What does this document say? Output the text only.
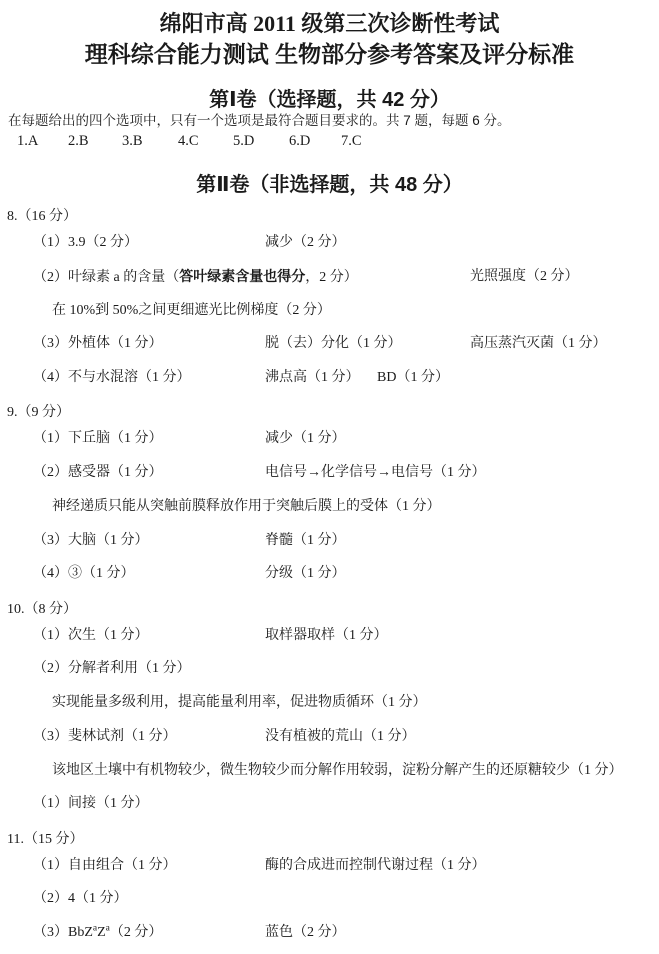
绵阳市高 2011 级第三次诊断性考试
理科综合能力测试 生物部分参考答案及评分标准
第Ⅰ卷（选择题，共 42 分）
在每题给出的四个选项中，只有一个选项是最符合题目要求的。共 7 题，每题 6 分。
1.A 2.B 3.B 4.C 5.D 6.D 7.C
第Ⅱ卷（非选择题，共 48 分）
8.（16 分）
（1）3.9（2 分）	减少（2 分）
（2）叶绿素 a 的含量（答叶绿素含量也得分，2 分）	光照强度（2 分）
在 10%到 50%之间更细遮光比例梯度（2 分）
（3）外植体（1 分）	脱（去）分化（1 分）	高压蒸汽灭菌（1 分）
（4）不与水混溶（1 分）	沸点高（1 分） BD（1 分）
9.（9 分）
（1）下丘脑（1 分）	减少（1 分）
（2）感受器（1 分）	电信号→化学信号→电信号（1 分）
神经递质只能从突触前膜释放作用于突触后膜上的受体（1 分）
（3）大脑（1 分）	脊髓（1 分）
（4）③（1 分）	分级（1 分）
10.（8 分）
（1）次生（1 分）	取样器取样（1 分）
（2）分解者利用（1 分）
实现能量多级利用，提高能量利用率，促进物质循环（1 分）
（3）斐林试剂（1 分）	没有植被的荒山（1 分）
该地区土壤中有机物较少，微生物较少而分解作用较弱，淀粉分解产生的还原糖较少（1 分）
（1）间接（1 分）
11.（15 分）
（1）自由组合（1 分）	酶的合成进而控制代谢过程（1 分）
（2）4（1 分）
$(3)BbZ^aZ^a(2$ 分）	蓝色（2 分）
